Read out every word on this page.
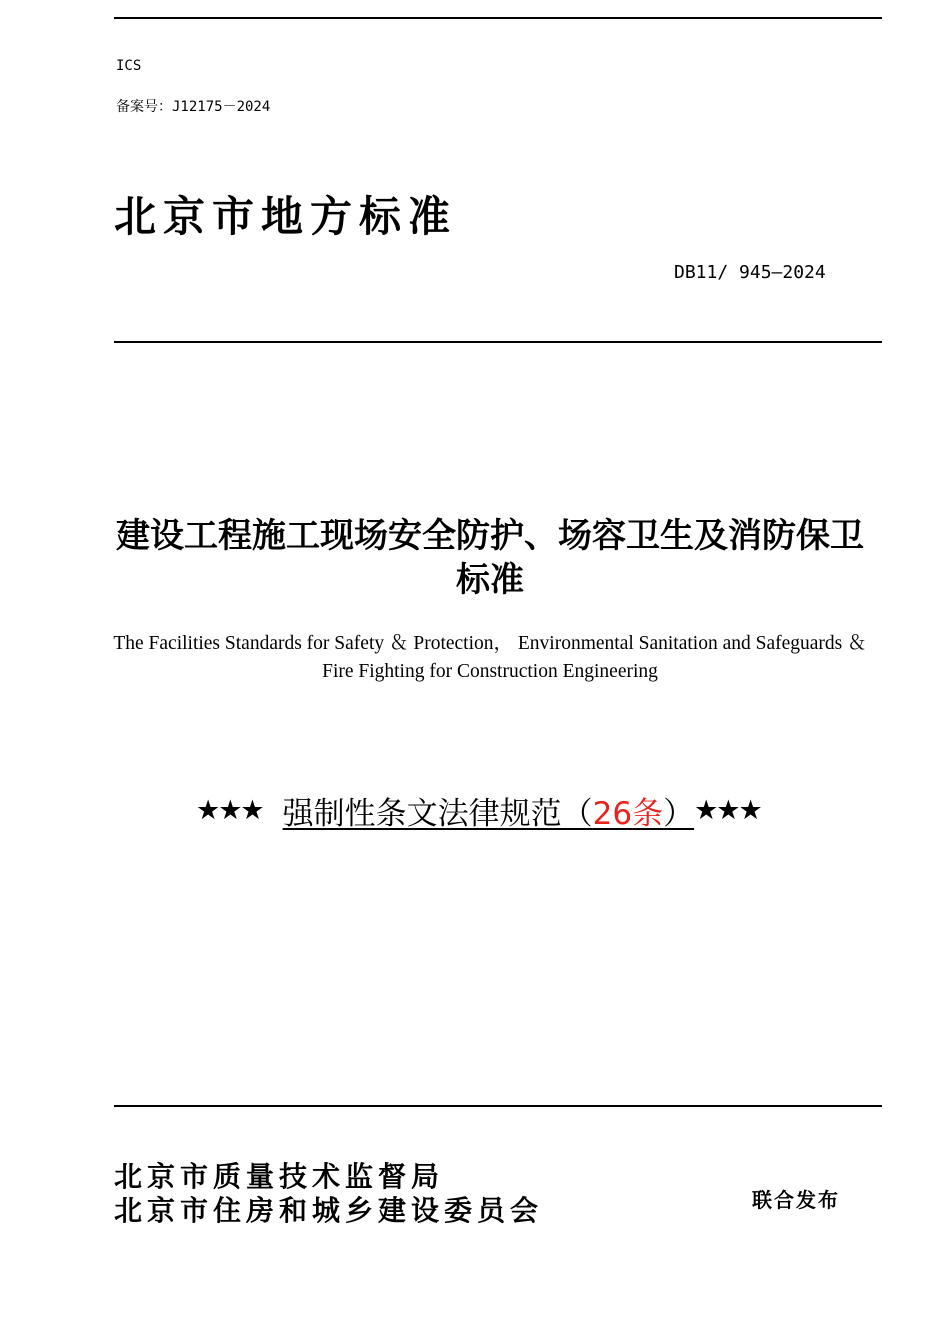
ICS
备案号：J12175－2024
北京市地方标准
DB11∕ 945—2024
建设工程施工现场安全防护、场容卫生及消防保卫标准
The Facilities Standards for Safety ＆ Protection， Environmental Sanitation and Safeguards ＆ Fire Fighting for Construction Engineering
★★★ 强制性条文法律规范（26条） ★★★
北京市质量技术监督局
北京市住房和城乡建设委员会	联合发布
